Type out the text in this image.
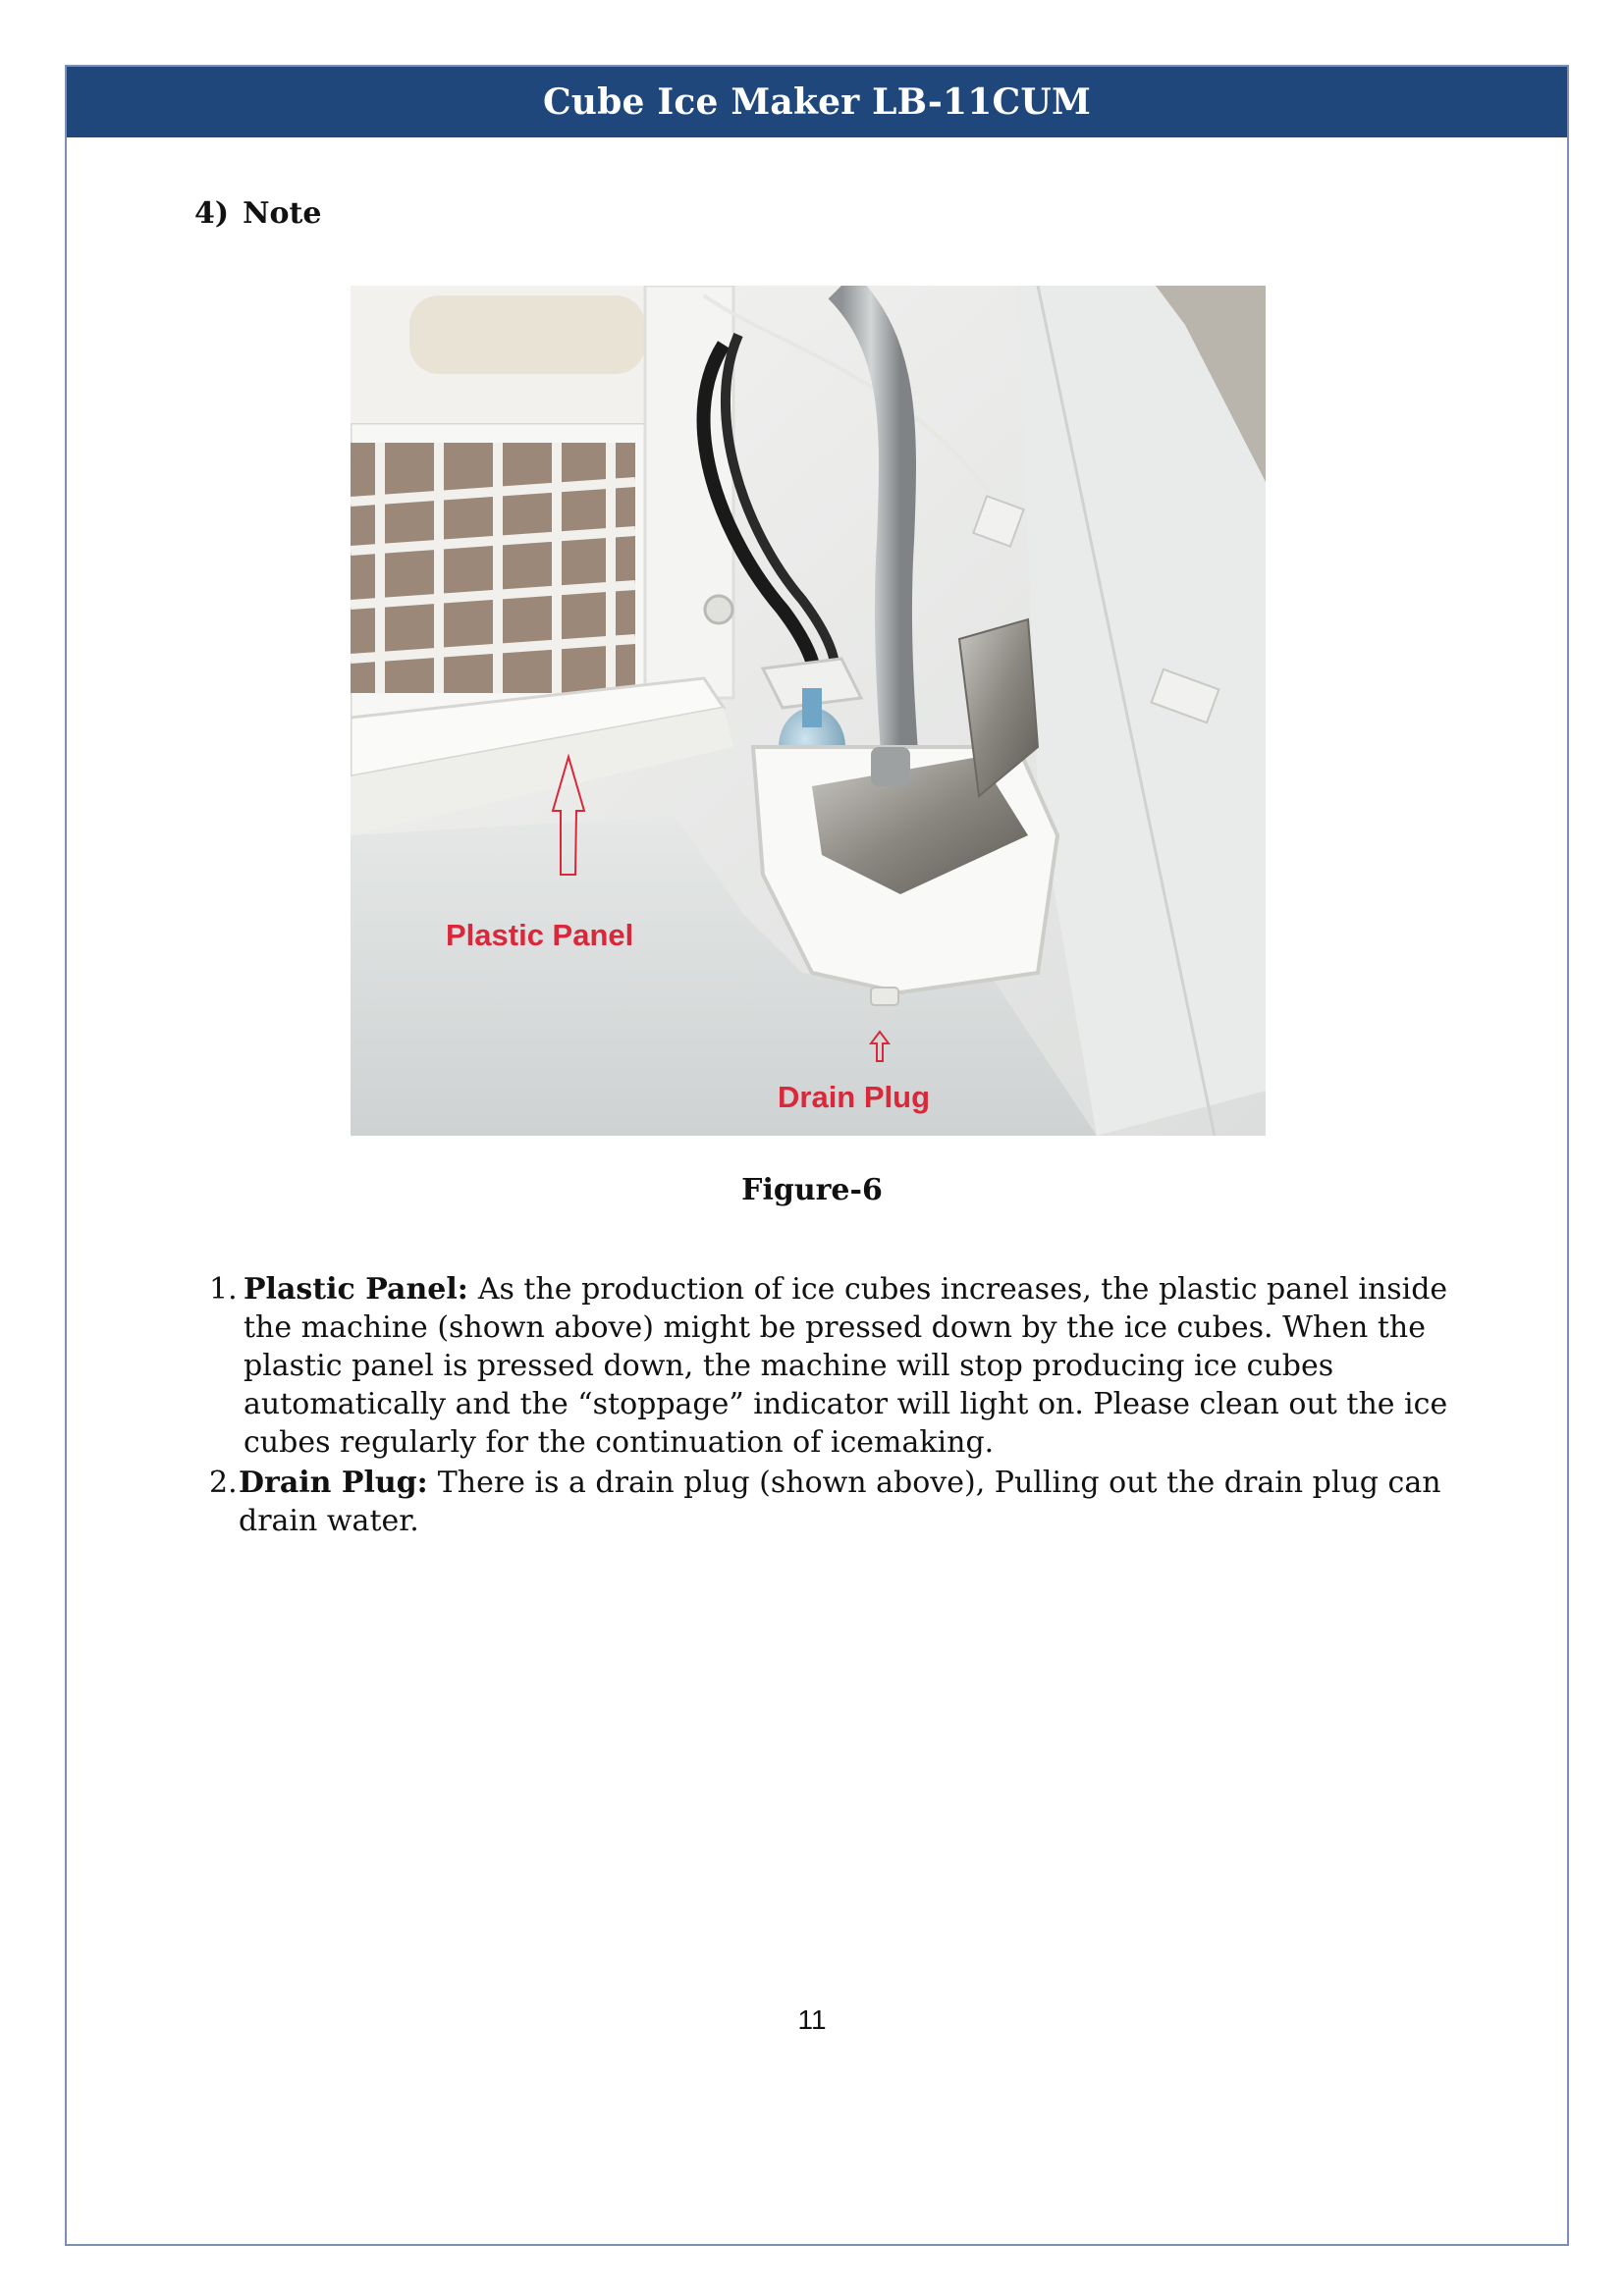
Cube Ice Maker LB-11CUM
4) Note
Plastic Panel
Drain Plug
Figure-6
1. Plastic Panel: As the production of ice cubes increases, the plastic panel inside the machine (shown above) might be pressed down by the ice cubes. When the plastic panel is pressed down, the machine will stop producing ice cubes automatically and the “stoppage” indicator will light on. Please clean out the ice cubes regularly for the continuation of icemaking.
2. Drain Plug: There is a drain plug (shown above), Pulling out the drain plug can drain water.
11
